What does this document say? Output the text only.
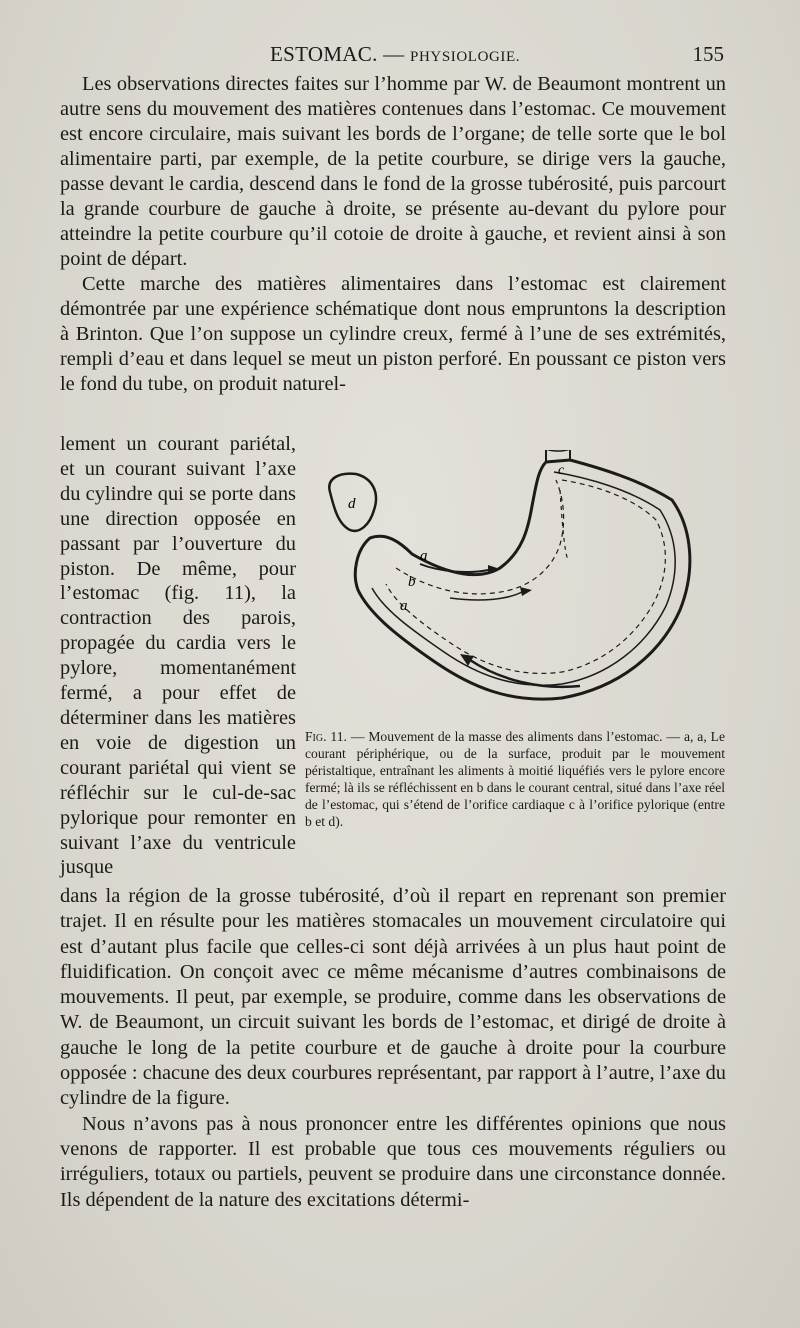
ESTOMAC. — PHYSIOLOGIE.	155

Les observations directes faites sur l’homme par W. de Beaumont montrent un autre sens du mouvement des matières contenues dans l’estomac. Ce mouvement est encore circulaire, mais suivant les bords de l’organe; de telle sorte que le bol alimentaire parti, par exemple, de la petite courbure, se dirige vers la gauche, passe devant le cardia, descend dans le fond de la grosse tubérosité, puis parcourt la grande courbure de gauche à droite, se présente au-devant du pylore pour atteindre la petite courbure qu’il cotoie de droite à gauche, et revient ainsi à son point de départ.

Cette marche des matières alimentaires dans l’estomac est clairement démontrée par une expérience schématique dont nous empruntons la description à Brinton. Que l’on suppose un cylindre creux, fermé à l’une de ses extrémités, rempli d’eau et dans lequel se meut un piston perforé. En poussant ce piston vers le fond du tube, on produit naturel-

lement un courant pariétal, et un courant suivant l’axe du cylindre qui se porte dans une direction opposée en passant par l’ouverture du piston. De même, pour l’estomac (fig. 11), la contraction des parois, propagée du cardia vers le pylore, momentanément fermé, a pour effet de déterminer dans les matières en voie de digestion un courant pariétal qui vient se réfléchir sur le cul-de-sac pylorique pour remonter en suivant l’axe du ventricule jusque
c
d
a
b
a
Fig. 11. — Mouvement de la masse des aliments dans l’estomac. — a, a, Le courant périphérique, ou de la surface, produit par le mouvement péristaltique, entraînant les aliments à moitié liquéfiés vers le pylore encore fermé; là ils se réfléchissent en b dans le courant central, situé dans l’axe réel de l’estomac, qui s’étend de l’orifice cardiaque c à l’orifice pylorique (entre b et d).

dans la région de la grosse tubérosité, d’où il repart en reprenant son premier trajet. Il en résulte pour les matières stomacales un mouvement circulatoire qui est d’autant plus facile que celles-ci sont déjà arrivées à un plus haut point de fluidification. On conçoit avec ce même mécanisme d’autres combinaisons de mouvements. Il peut, par exemple, se produire, comme dans les observations de W. de Beaumont, un circuit suivant les bords de l’estomac, et dirigé de droite à gauche le long de la petite courbure et de gauche à droite pour la courbure opposée : chacune des deux courbures représentant, par rapport à l’autre, l’axe du cylindre de la figure.

Nous n’avons pas à nous prononcer entre les différentes opinions que nous venons de rapporter. Il est probable que tous ces mouvements réguliers ou irréguliers, totaux ou partiels, peuvent se produire dans une circonstance donnée. Ils dépendent de la nature des excitations détermi-
